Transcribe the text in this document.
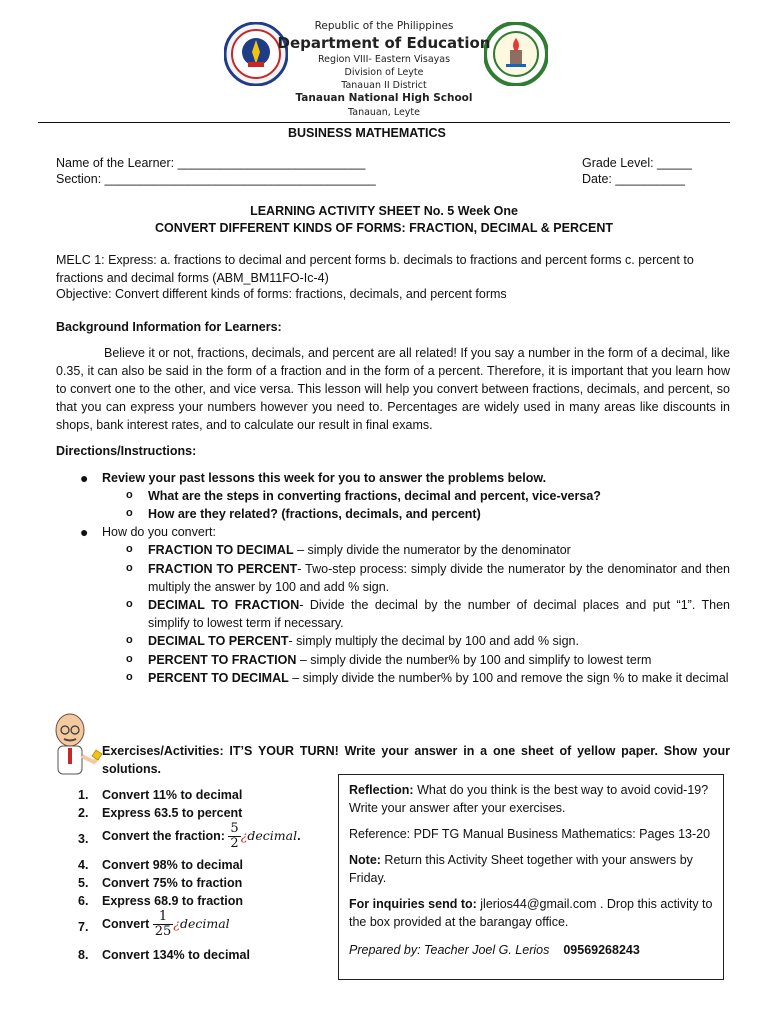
Republic of the Philippines
Department of Education
Region VIII- Eastern Visayas
Division of Leyte
Tanauan II District
Tanauan National High School
Tanauan, Leyte
BUSINESS MATHEMATICS
Name of the Learner: ___________________________	Grade Level: _____
Section: _______________________________________	Date: __________
LEARNING ACTIVITY SHEET No. 5 Week One
CONVERT DIFFERENT KINDS OF FORMS: FRACTION, DECIMAL & PERCENT
MELC 1: Express: a. fractions to decimal and percent forms b. decimals to fractions and percent forms c. percent to fractions and decimal forms (ABM_BM11FO-Ic-4)
Objective: Convert different kinds of forms: fractions, decimals, and percent forms
Background Information for Learners:
Believe it or not, fractions, decimals, and percent are all related! If you say a number in the form of a decimal, like 0.35, it can also be said in the form of a fraction and in the form of a percent. Therefore, it is important that you learn how to convert one to the other, and vice versa. This lesson will help you convert between fractions, decimals, and percent, so that you can express your numbers however you need to. Percentages are widely used in many areas like discounts in shops, bank interest rates, and to calculate our result in final exams.
Directions/Instructions:
● Review your past lessons this week for you to answer the problems below.
o What are the steps in converting fractions, decimal and percent, vice-versa?
o How are they related? (fractions, decimals, and percent)
● How do you convert:
o FRACTION TO DECIMAL – simply divide the numerator by the denominator
o FRACTION TO PERCENT- Two-step process: simply divide the numerator by the denominator and then multiply the answer by 100 and add % sign.
o DECIMAL TO FRACTION- Divide the decimal by the number of decimal places and put “1”. Then simplify to lowest term if necessary.
o DECIMAL TO PERCENT- simply multiply the decimal by 100 and add % sign.
o PERCENT TO FRACTION – simply divide the number% by 100 and simplify to lowest term
o PERCENT TO DECIMAL – simply divide the number% by 100 and remove the sign % to make it decimal
Exercises/Activities: IT’S YOUR TURN! Write your answer in a one sheet of yellow paper. Show your solutions.
1. Convert 11% to decimal
2. Express 63.5 to percent
3. Convert the fraction: $\frac{5}{2}$ ¿decimal.
4. Convert 98% to decimal
5. Convert 75% to fraction
6. Express 68.9 to fraction
7. Convert $\frac{1}{25}$ ¿decimal
8. Convert 134% to decimal

Reflection: What do you think is the best way to avoid covid-19? Write your answer after your exercises.

Reference: PDF TG Manual Business Mathematics: Pages 13-20

Note: Return this Activity Sheet together with your answers by Friday.

For inquiries send to: jlerios44@gmail.com . Drop this activity to the box provided at the barangay office.

Prepared by: Teacher Joel G. Lerios 09569268243
